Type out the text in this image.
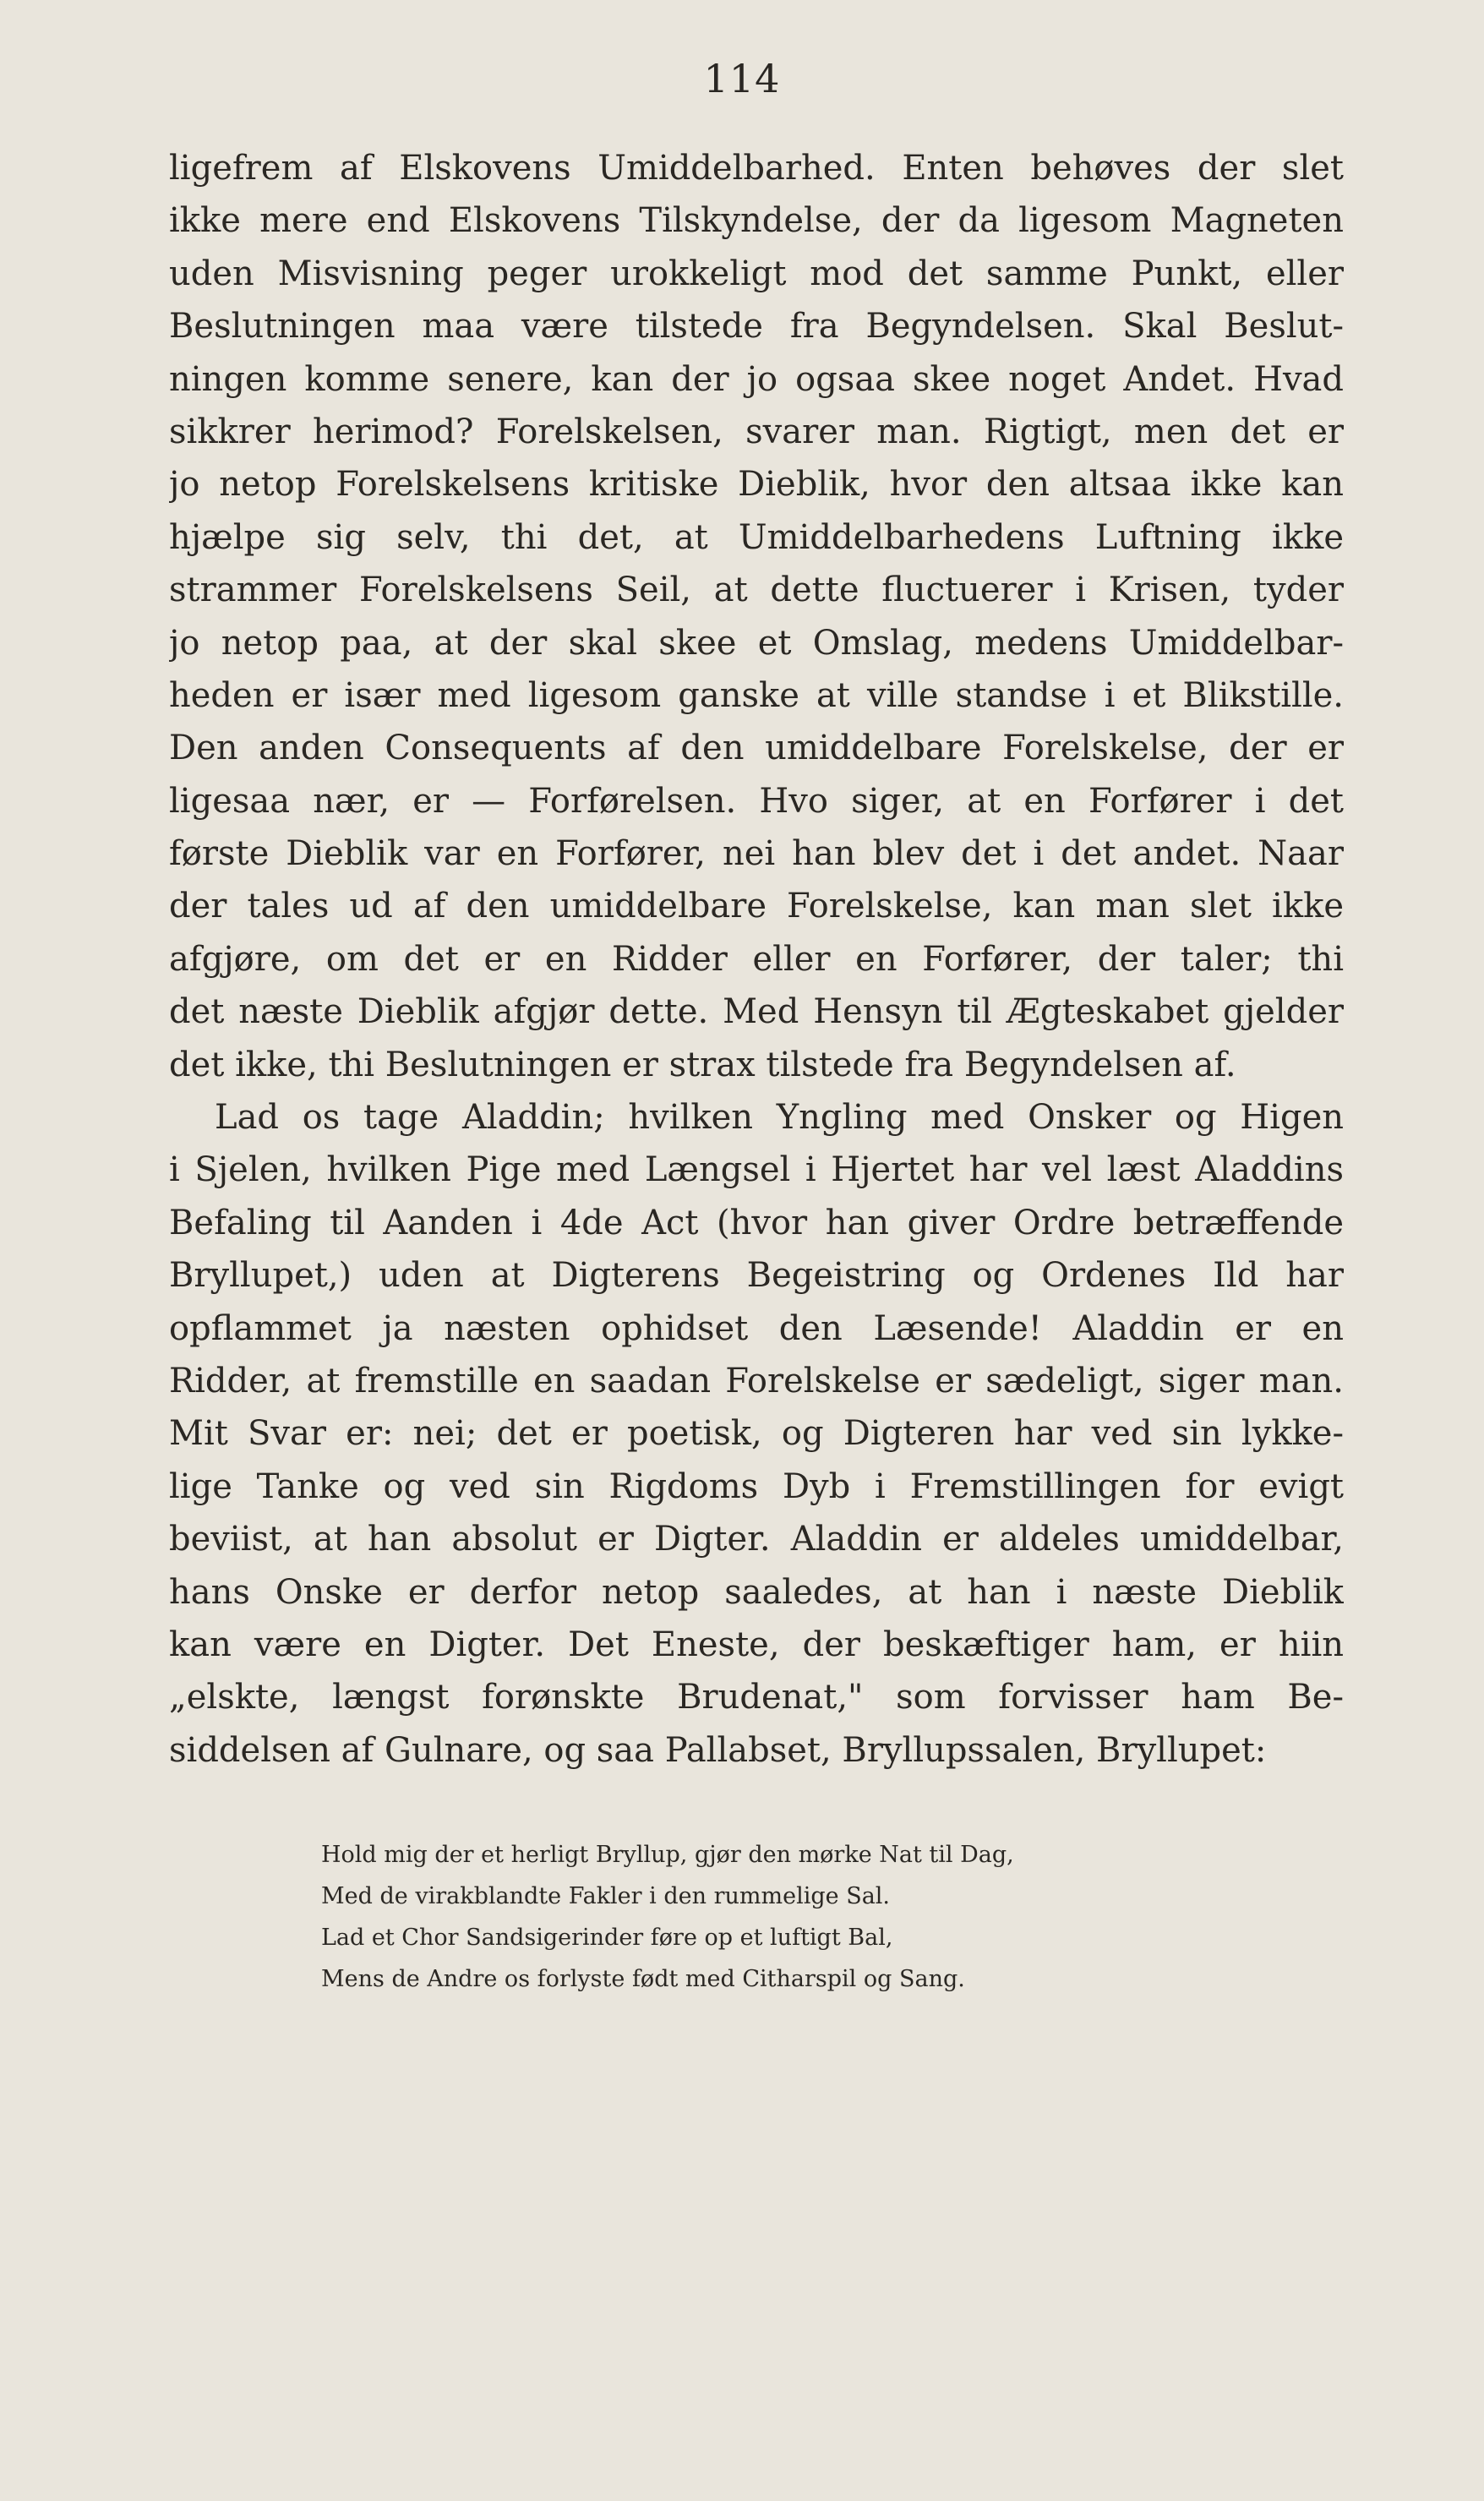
114
ligefrem af Elskovens Umiddelbarhed. Enten behøves der slet
ikke mere end Elskovens Tilskyndelse, der da ligesom Magneten
uden Misvisning peger urokkeligt mod det samme Punkt, eller
Beslutningen maa være tilstede fra Begyndelsen. Skal Beslut-
ningen komme senere, kan der jo ogsaa skee noget Andet. Hvad
sikkrer herimod? Forelskelsen, svarer man. Rigtigt, men det er
jo netop Forelskelsens kritiske Dieblik, hvor den altsaa ikke kan
hjælpe sig selv, thi det, at Umiddelbarhedens Luftning ikke
strammer Forelskelsens Seil, at dette fluctuerer i Krisen, tyder
jo netop paa, at der skal skee et Omslag, medens Umiddelbar-
heden er især med ligesom ganske at ville standse i et Blikstille.
Den anden Consequents af den umiddelbare Forelskelse, der er
ligesaa nær, er — Forførelsen. Hvo siger, at en Forfører i det
første Dieblik var en Forfører, nei han blev det i det andet. Naar
der tales ud af den umiddelbare Forelskelse, kan man slet ikke
afgjøre, om det er en Ridder eller en Forfører, der taler; thi
det næste Dieblik afgjør dette. Med Hensyn til Ægteskabet gjelder
det ikke, thi Beslutningen er strax tilstede fra Begyndelsen af.
Lad os tage Aladdin; hvilken Yngling med Onsker og Higen
i Sjelen, hvilken Pige med Længsel i Hjertet har vel læst Aladdins
Befaling til Aanden i 4de Act (hvor han giver Ordre betræffende
Bryllupet,) uden at Digterens Begeistring og Ordenes Ild har
opflammet ja næsten ophidset den Læsende! Aladdin er en
Ridder, at fremstille en saadan Forelskelse er sædeligt, siger man.
Mit Svar er: nei; det er poetisk, og Digteren har ved sin lykke-
lige Tanke og ved sin Rigdoms Dyb i Fremstillingen for evigt
beviist, at han absolut er Digter. Aladdin er aldeles umiddelbar,
hans Onske er derfor netop saaledes, at han i næste Dieblik
kan være en Digter. Det Eneste, der beskæftiger ham, er hiin
„elskte, længst forønskte Brudenat," som forvisser ham Be-
siddelsen af Gulnare, og saa Pallabset, Bryllupssalen, Bryllupet:
Hold mig der et herligt Bryllup, gjør den mørke Nat til Dag,
Med de virakblandte Fakler i den rummelige Sal.
Lad et Chor Sandsigerinder føre op et luftigt Bal,
Mens de Andre os forlyste født med Citharspil og Sang.
